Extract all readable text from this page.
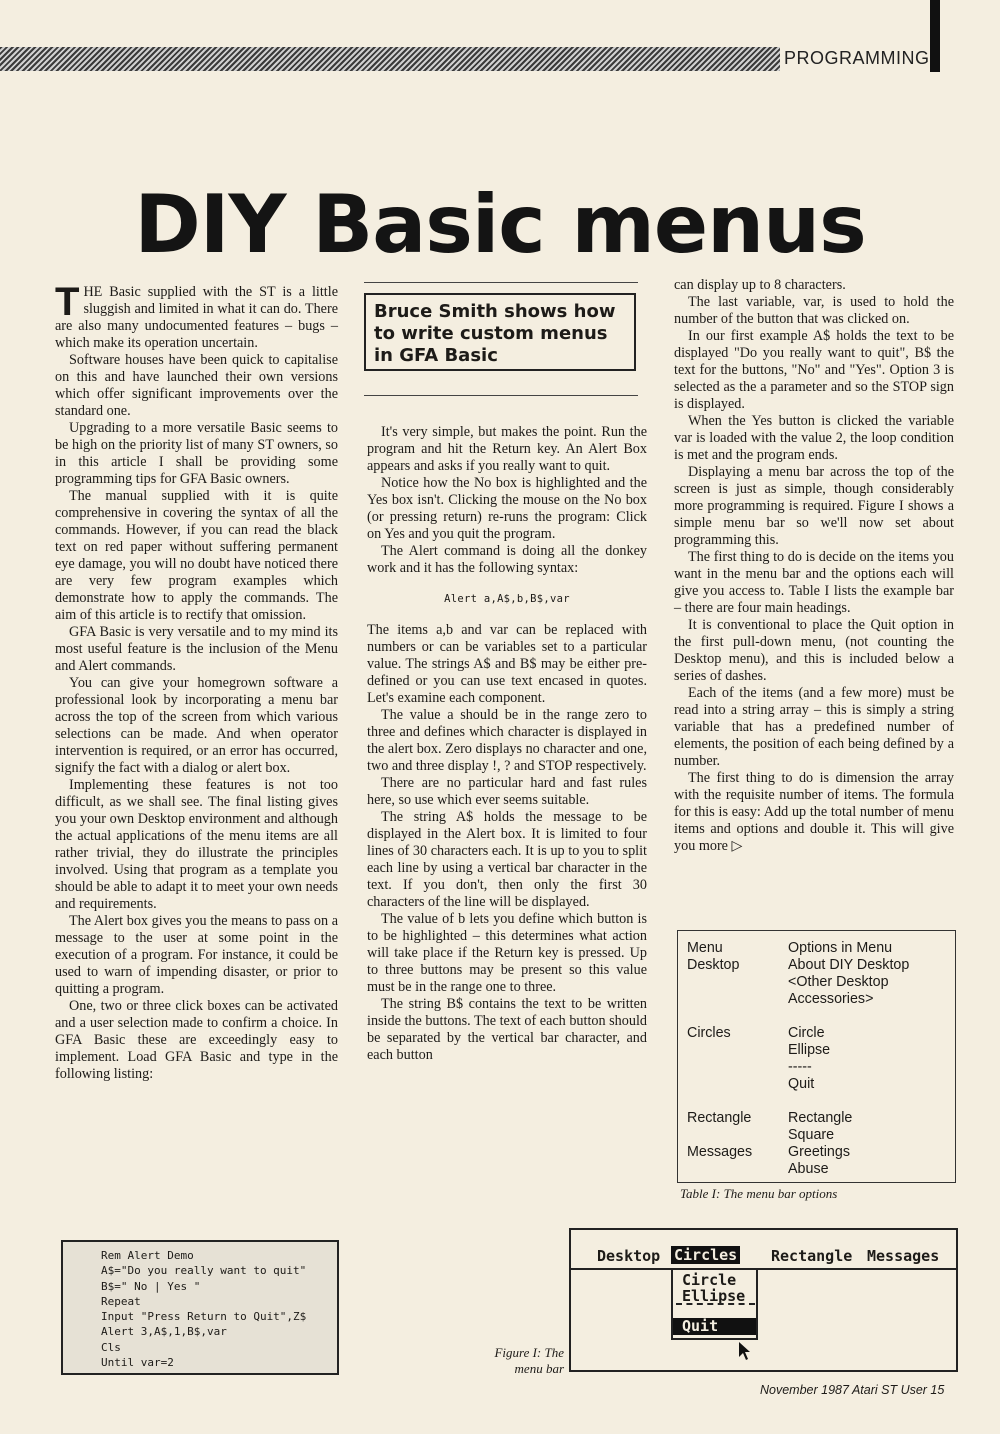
PROGRAMMING
DIY Basic menus

THE Basic supplied with the ST is a little sluggish and limited in what it can do. There are also many undocumented features – bugs – which make its operation uncertain.

Software houses have been quick to capitalise on this and have launched their own versions which offer significant improvements over the standard one.

Upgrading to a more versatile Basic seems to be high on the priority list of many ST owners, so in this article I shall be providing some programming tips for GFA Basic owners.

The manual supplied with it is quite comprehensive in covering the syntax of all the commands. However, if you can read the black text on red paper without suffering permanent eye damage, you will no doubt have noticed there are very few program examples which demonstrate how to apply the commands. The aim of this article is to rectify that omission.

GFA Basic is very versatile and to my mind its most useful feature is the inclusion of the Menu and Alert commands.

You can give your homegrown software a professional look by incorporating a menu bar across the top of the screen from which various selections can be made. And when operator intervention is required, or an error has occurred, signify the fact with a dialog or alert box.

Implementing these features is not too difficult, as we shall see. The final listing gives you your own Desktop environment and although the actual applications of the menu items are all rather trivial, they do illustrate the principles involved. Using that program as a template you should be able to adapt it to meet your own needs and requirements.

The Alert box gives you the means to pass on a message to the user at some point in the execution of a program. For instance, it could be used to warn of impending disaster, or prior to quitting a program.

One, two or three click boxes can be activated and a user selection made to confirm a choice. In GFA Basic these are exceedingly easy to implement. Load GFA Basic and type in the following listing:

Rem Alert Demo
A$="Do you really want to quit"
B$=" No | Yes "
Repeat
Input "Press Return to Quit",Z$
Alert 3,A$,1,B$,var
Cls
Until var=2
Bruce Smith shows how to write custom menus in GFA Basic

It's very simple, but makes the point. Run the program and hit the Return key. An Alert Box appears and asks if you really want to quit.

Notice how the No box is highlighted and the Yes box isn't. Clicking the mouse on the No box (or pressing return) re-runs the program: Click on Yes and you quit the program.

The Alert command is doing all the donkey work and it has the following syntax:

Alert a,A$,b,B$,var

The items a,b and var can be replaced with numbers or can be variables set to a particular value. The strings A$ and B$ may be either pre-defined or you can use text encased in quotes. Let's examine each component.

The value a should be in the range zero to three and defines which character is displayed in the alert box. Zero displays no character and one, two and three display !, ? and STOP respectively.

There are no particular hard and fast rules here, so use which ever seems suitable.

The string A$ holds the message to be displayed in the Alert box. It is limited to four lines of 30 characters each. It is up to you to split each line by using a vertical bar character in the text. If you don't, then only the first 30 characters of the line will be displayed.

The value of b lets you define which button is to be highlighted – this determines what action will take place if the Return key is pressed. Up to three buttons may be present so this value must be in the range one to three.

The string B$ contains the text to be written inside the buttons. The text of each button should be separated by the vertical bar character, and each button

can display up to 8 characters.

The last variable, var, is used to hold the number of the button that was clicked on.

In our first example A$ holds the text to be displayed "Do you really want to quit", B$ the text for the buttons, "No" and "Yes". Option 3 is selected as the a parameter and so the STOP sign is displayed.

When the Yes button is clicked the variable var is loaded with the value 2, the loop condition is met and the program ends.

Displaying a menu bar across the top of the screen is just as simple, though considerably more programming is required. Figure I shows a simple menu bar so we'll now set about programming this.

The first thing to do is decide on the items you want in the menu bar and the options each will give you access to. Table I lists the example bar – there are four main headings.

It is conventional to place the Quit option in the first pull-down menu, (not counting the Desktop menu), and this is included below a series of dashes.

Each of the items (and a few more) must be read into a string array – this is simply a string variable that has a predefined number of elements, the position of each being defined by a number.

The first thing to do is dimension the array with the requisite number of items. The formula for this is easy: Add up the total number of menu items and options and double it. This will give you more ▷

Menu	Options in Menu
Desktop	About DIY Desktop
<Other Desktop
Accessories>
Circles	Circle
Ellipse
-----
Quit
Rectangle	Rectangle
Square
Messages	Greetings
Abuse
Table I: The menu bar options
Figure I: The menu bar
Desktop Circles Rectangle Messages
Circle
Ellipse
Quit
November 1987 Atari ST User 15
